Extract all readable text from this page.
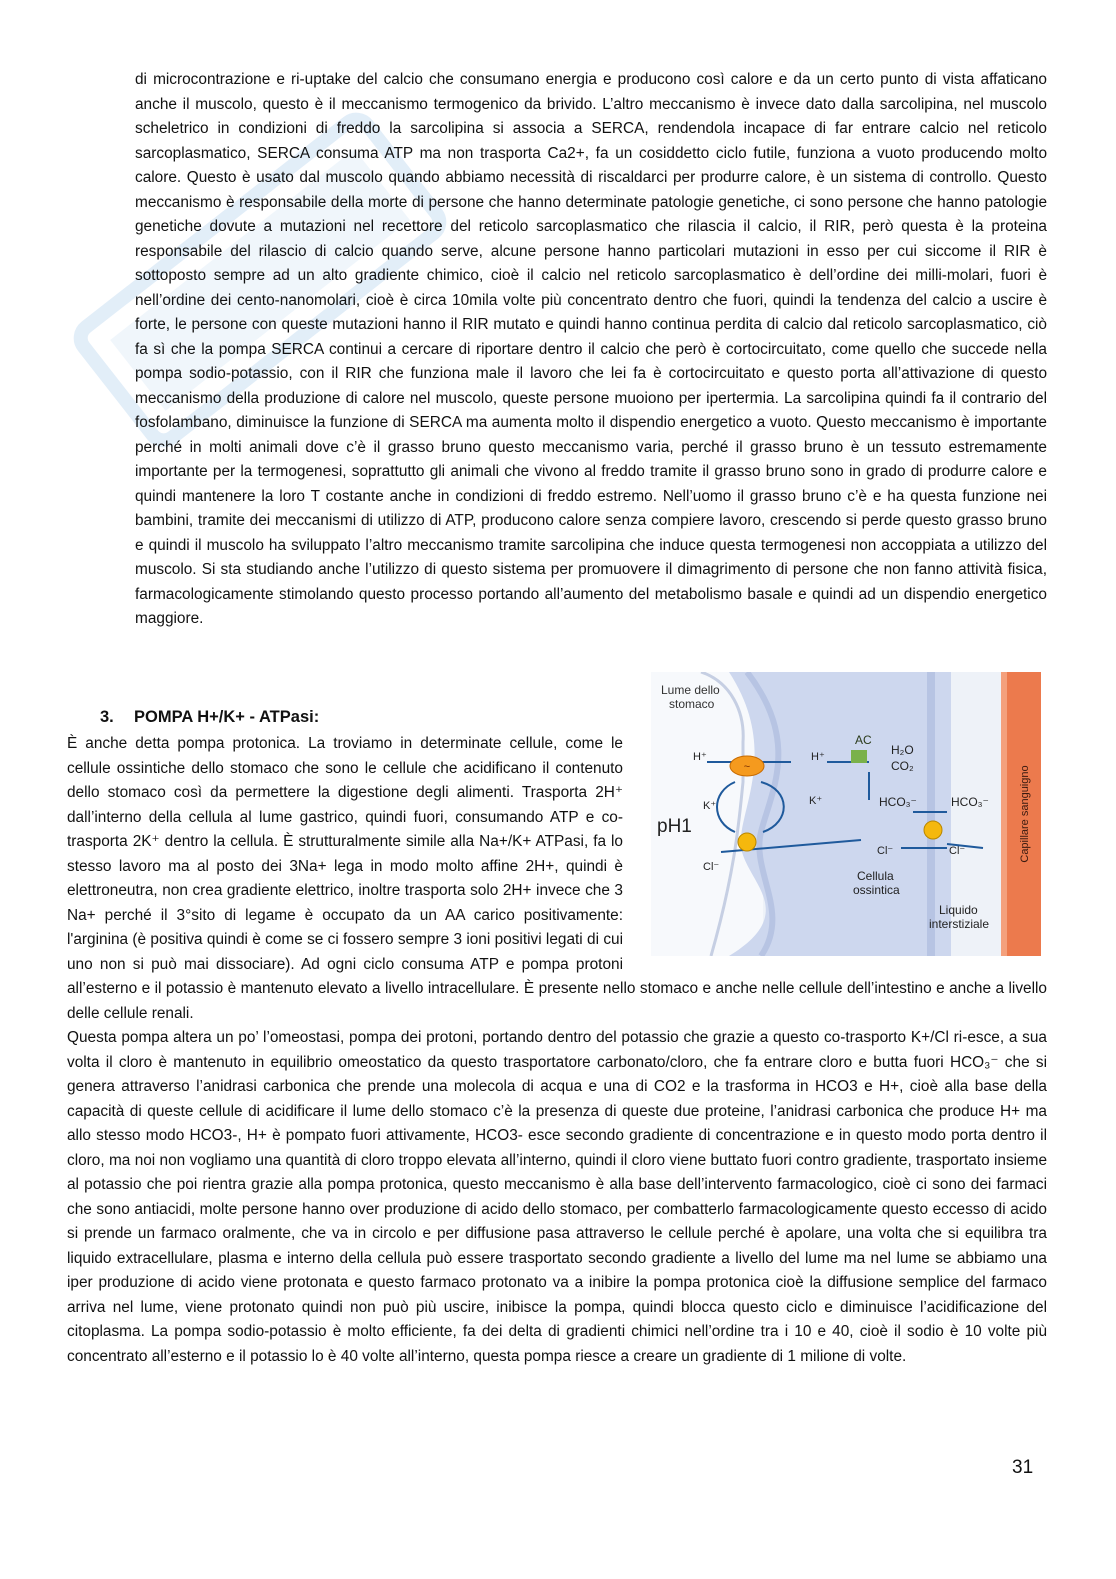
di microcontrazione e ri-uptake del calcio che consumano energia e producono così calore e da un certo punto di vista affaticano anche il muscolo, questo è il meccanismo termogenico da brivido. L’altro meccanismo è invece dato dalla sarcolipina, nel muscolo scheletrico in condizioni di freddo la sarcolipina si associa a SERCA, rendendola incapace di far entrare calcio nel reticolo sarcoplasmatico, SERCA consuma ATP ma non trasporta Ca2+, fa un cosiddetto ciclo futile, funziona a vuoto producendo molto calore. Questo è usato dal muscolo quando abbiamo necessità di riscaldarci per produrre calore, è un sistema di controllo. Questo meccanismo è responsabile della morte di persone che hanno determinate patologie genetiche, ci sono persone che hanno patologie genetiche dovute a mutazioni nel recettore del reticolo sarcoplasmatico che rilascia il calcio, il RIR, però questa è la proteina responsabile del rilascio di calcio quando serve, alcune persone hanno particolari mutazioni in esso per cui siccome il RIR è sottoposto sempre ad un alto gradiente chimico, cioè il calcio nel reticolo sarcoplasmatico è dell’ordine dei milli-molari, fuori è nell’ordine dei cento-nanomolari, cioè è circa 10mila volte più concentrato dentro che fuori, quindi la tendenza del calcio a uscire è forte, le persone con queste mutazioni hanno il RIR mutato e quindi hanno continua perdita di calcio dal reticolo sarcoplasmatico, ciò fa sì che la pompa SERCA continui a cercare di riportare dentro il calcio che però è cortocircuitato, come quello che succede nella pompa sodio-potassio, con il RIR che funziona male il lavoro che lei fa è cortocircuitato e questo porta all’attivazione di questo meccanismo della produzione di calore nel muscolo, queste persone muoiono per ipertermia. La sarcolipina quindi fa il contrario del fosfolambano, diminuisce la funzione di SERCA ma aumenta molto il dispendio energetico a vuoto. Questo meccanismo è importante perché in molti animali dove c’è il grasso bruno questo meccanismo varia, perché il grasso bruno è un tessuto estremamente importante per la termogenesi, soprattutto gli animali che vivono al freddo tramite il grasso bruno sono in grado di produrre calore e quindi mantenere la loro T costante anche in condizioni di freddo estremo. Nell’uomo il grasso bruno c’è e ha questa funzione nei bambini, tramite dei meccanismi di utilizzo di ATP, producono calore senza compiere lavoro, crescendo si perde questo grasso bruno e quindi il muscolo ha sviluppato l’altro meccanismo tramite sarcolipina che induce questa termogenesi non accoppiata a utilizzo del muscolo. Si sta studiando anche l’utilizzo di questo sistema per promuovere il dimagrimento di persone che non fanno attività fisica, farmacologicamente stimolando questo processo portando all’aumento del metabolismo basale e quindi ad un dispendio energetico maggiore.

3. POMPA H+/K+ - ATPasi:
Capillare sanguigno
Lume dello
stomaco
pH1
H⁺	H⁺
K⁺	K⁺
Cl⁻
Cl⁻	Cl⁻
AC
H₂O
CO₂
HCO₃⁻	HCO₃⁻
Cellula
ossintica
Liquido
interstiziale
~
È anche detta pompa protonica. La troviamo in determinate cellule, come le cellule ossintiche dello stomaco che sono le cellule che acidificano il contenuto dello stomaco così da permettere la digestione degli alimenti. Trasporta 2H⁺ dall’interno della cellula al lume gastrico, quindi fuori, consumando ATP e co-trasporta 2K⁺ dentro la cellula. È strutturalmente simile alla Na+/K+ ATPasi, fa lo stesso lavoro ma al posto dei 3Na+ lega in modo molto affine 2H+, quindi è elettroneutra, non crea gradiente elettrico, inoltre trasporta solo 2H+ invece che 3 Na+ perché il 3°sito di legame è occupato da un AA carico positivamente: l'arginina (è positiva quindi è come se ci fossero sempre 3 ioni positivi legati di cui uno non si può mai dissociare). Ad ogni ciclo consuma ATP e pompa protoni all’esterno e il potassio è mantenuto elevato a livello intracellulare. È presente nello stomaco e anche nelle cellule dell’intestino e anche a livello delle cellule renali.
Questa pompa altera un po’ l’omeostasi, pompa dei protoni, portando dentro del potassio che grazie a questo co-trasporto K+/Cl ri-esce, a sua volta il cloro è mantenuto in equilibrio omeostatico da questo trasportatore carbonato/cloro, che fa entrare cloro e butta fuori HCO₃⁻ che si genera attraverso l’anidrasi carbonica che prende una molecola di acqua e una di CO2 e la trasforma in HCO3 e H+, cioè alla base della capacità di queste cellule di acidificare il lume dello stomaco c’è la presenza di queste due proteine, l’anidrasi carbonica che produce H+ ma allo stesso modo HCO3-, H+ è pompato fuori attivamente, HCO3- esce secondo gradiente di concentrazione e in questo modo porta dentro il cloro, ma noi non vogliamo una quantità di cloro troppo elevata all’interno, quindi il cloro viene buttato fuori contro gradiente, trasportato insieme al potassio che poi rientra grazie alla pompa protonica, questo meccanismo è alla base dell’intervento farmacologico, cioè ci sono dei farmaci che sono antiacidi, molte persone hanno over produzione di acido dello stomaco, per combatterlo farmacologicamente questo eccesso di acido si prende un farmaco oralmente, che va in circolo e per diffusione pasa attraverso le cellule perché è apolare, una volta che si equilibra tra liquido extracellulare, plasma e interno della cellula può essere trasportato secondo gradiente a livello del lume ma nel lume se abbiamo una iper produzione di acido viene protonata e questo farmaco protonato va a inibire la pompa protonica cioè la diffusione semplice del farmaco arriva nel lume, viene protonato quindi non può più uscire, inibisce la pompa, quindi blocca questo ciclo e diminuisce l’acidificazione del citoplasma. La pompa sodio-potassio è molto efficiente, fa dei delta di gradienti chimici nell’ordine tra i 10 e 40, cioè il sodio è 10 volte più concentrato all’esterno e il potassio lo è 40 volte all’interno, questa pompa riesce a creare un gradiente di 1 milione di volte.
31
